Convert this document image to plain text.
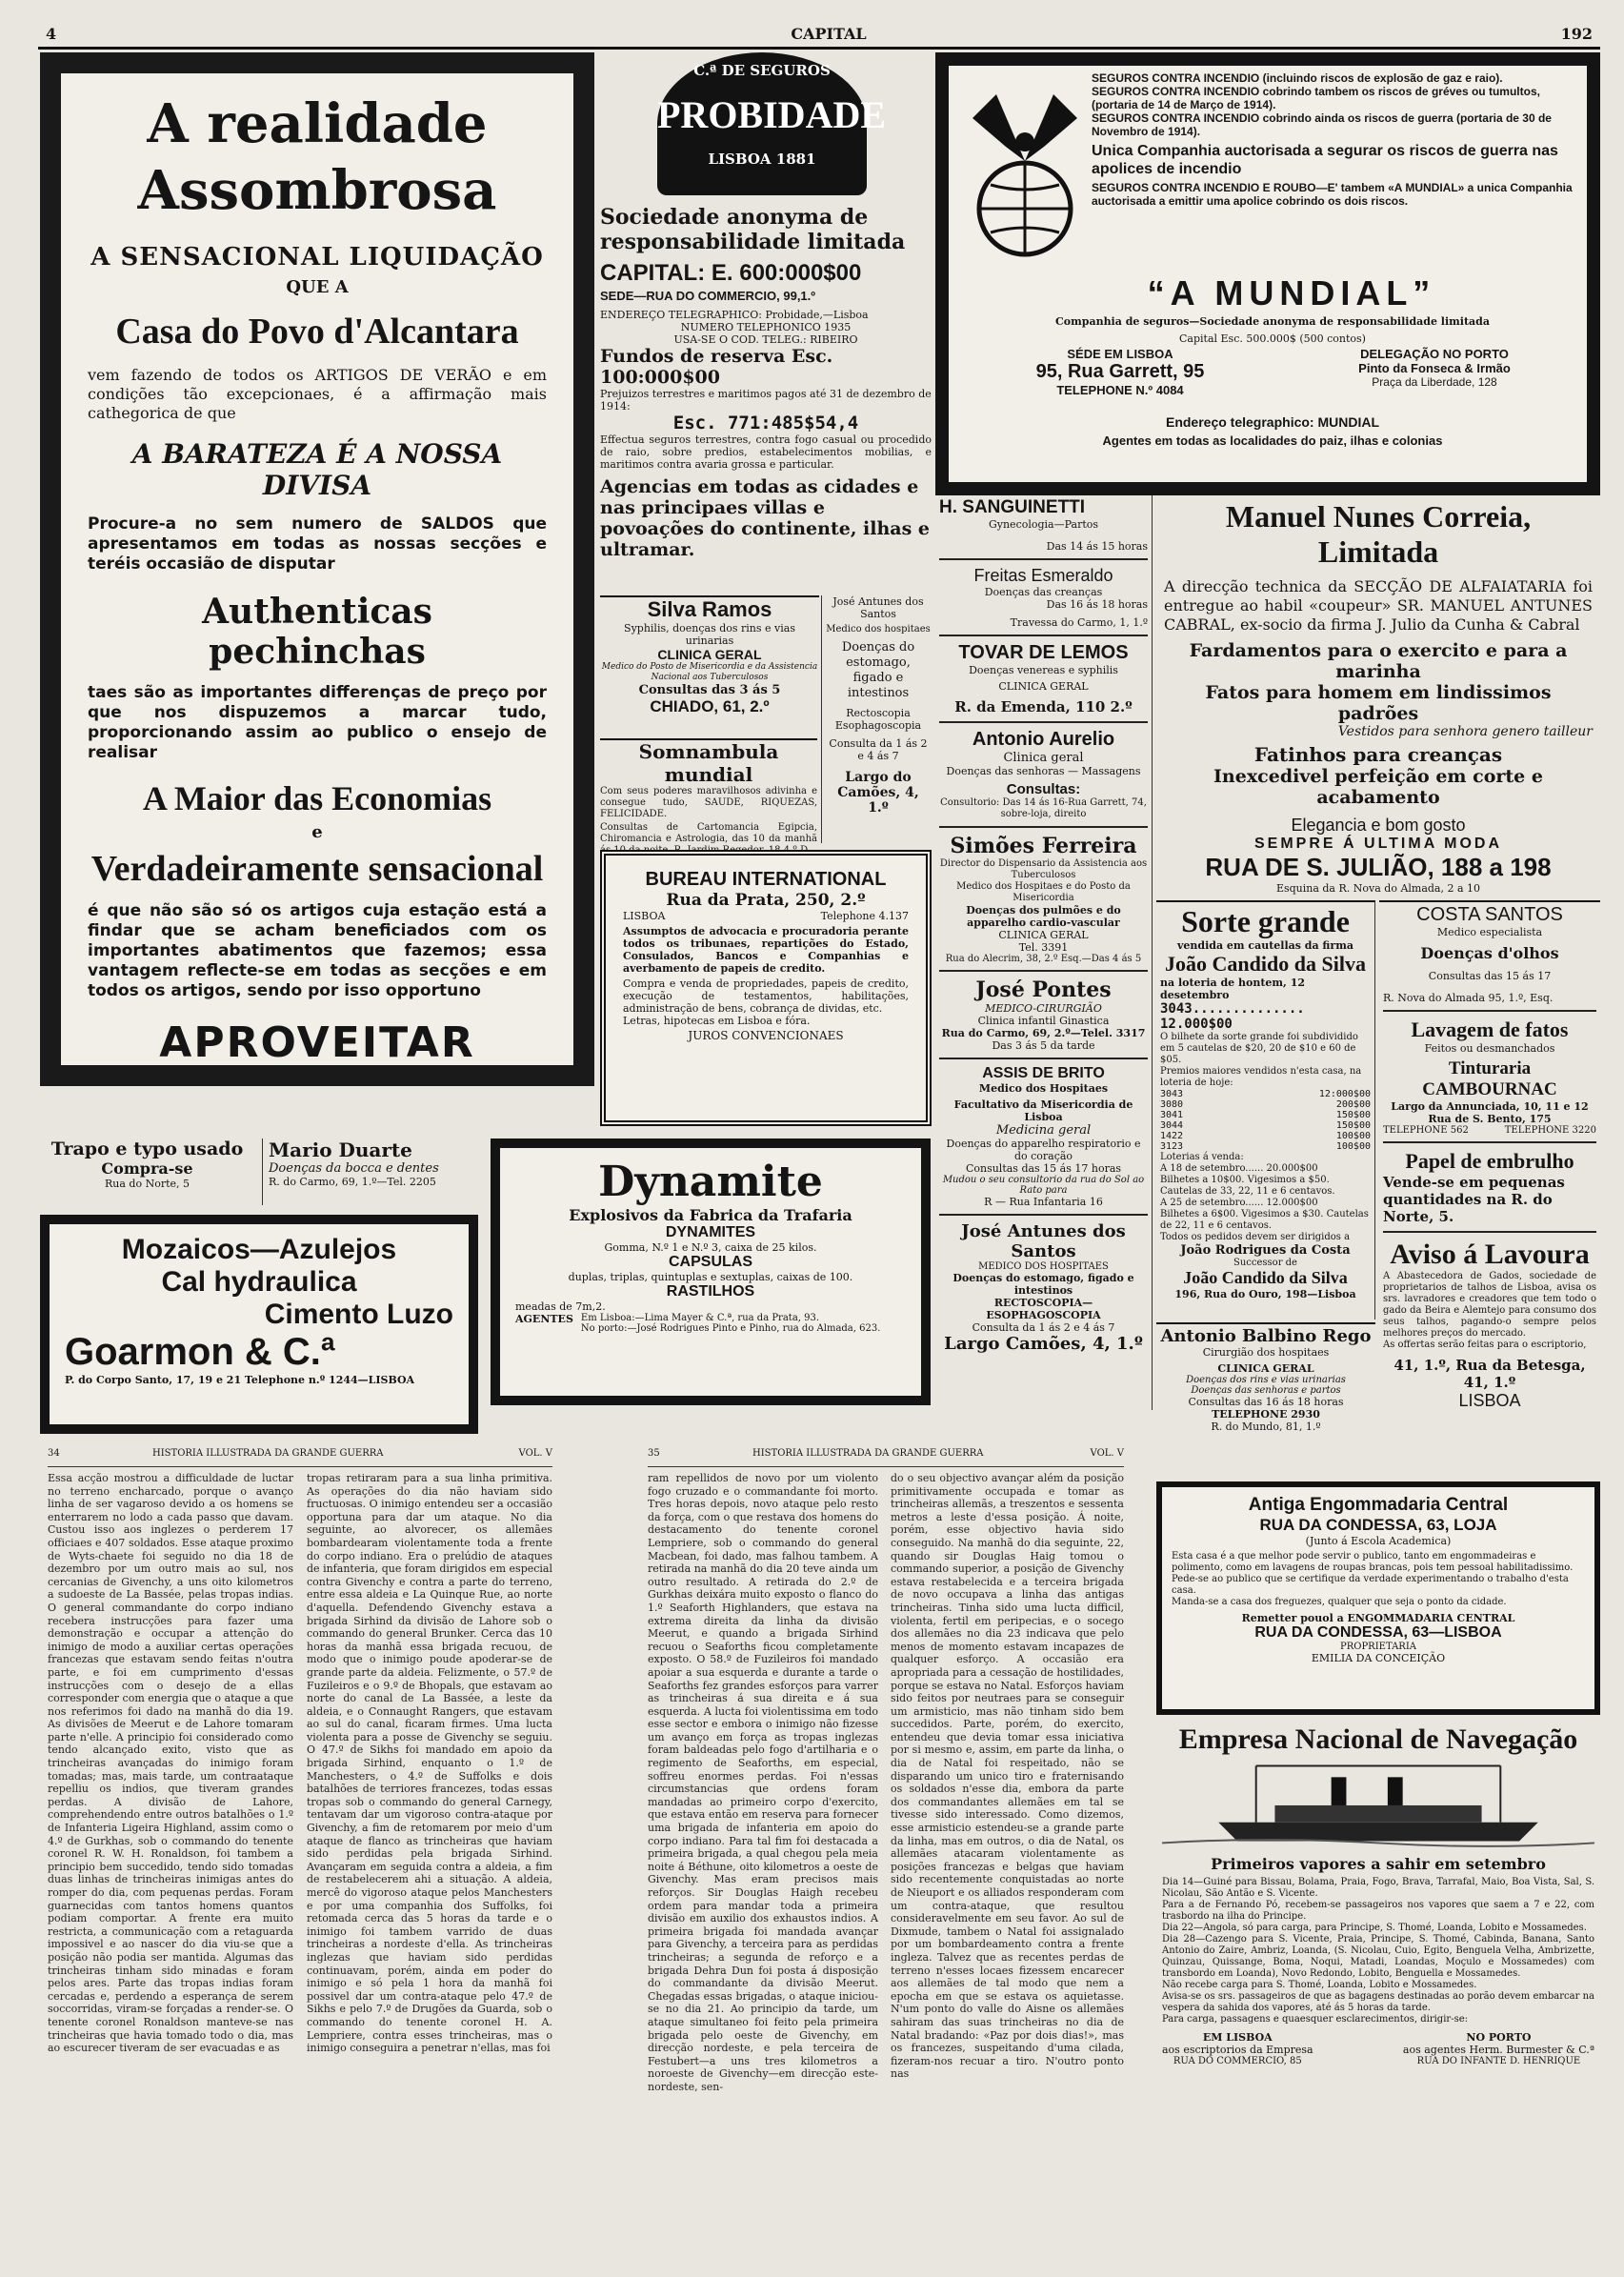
4	CAPITAL	192
A realidade
Assombrosa
A SENSACIONAL LIQUIDAÇÃO
QUE A
Casa do Povo d'Alcantara
vem fazendo de todos os ARTIGOS DE VERÃO e em condições tão excepcionaes, é a affirmação mais cathegorica de que
A BARATEZA É A NOSSA DIVISA
Procure-a no sem numero de SALDOS que apresentamos em todas as nossas secções e teréis occasião de disputar
Authenticas pechinchas
taes são as importantes differenças de preço por que nos dispuzemos a marcar tudo, proporcionando assim ao publico o ensejo de realisar
A Maior das Economias
e
Verdadeiramente sensacional
é que não são só os artigos cuja estação está a findar que se acham beneficiados com os importantes abatimentos que fazemos; essa vantagem reflecte-se em todas as secções e em todos os artigos, sendo por isso opportuno
APROVEITAR
C.ª DE SEGUROS
PROBIDADE
LISBOA 1881
Sociedade anonyma de responsabilidade limitada
CAPITAL: E. 600:000$00
SEDE—RUA DO COMMERCIO, 99,1.º
ENDEREÇO TELEGRAPHICO: Probidade,—Lisboa
NUMERO TELEPHONICO 1935
USA-SE O COD. TELEG.: RIBEIRO
Fundos de reserva Esc. 100:000$00
Prejuizos terrestres e maritimos pagos até 31 de dezembro de 1914:
Esc. 771:485$54,4
Effectua seguros terrestres, contra fogo casual ou procedido de raio, sobre predios, estabelecimentos mobilias, e maritimos contra avaria grossa e particular.
Agencias em todas as cidades e nas principaes villas e povoações do continente, ilhas e ultramar.
SEGUROS CONTRA INCENDIO (incluindo riscos de explosão de gaz e raio).
SEGUROS CONTRA INCENDIO cobrindo tambem os riscos de gréves ou tumultos, (portaria de 14 de Março de 1914).
SEGUROS CONTRA INCENDIO cobrindo ainda os riscos de guerra (portaria de 30 de Novembro de 1914).
Unica Companhia auctorisada a segurar os riscos de guerra nas apolices de incendio
SEGUROS CONTRA INCENDIO E ROUBO—E' tambem «A MUNDIAL» a unica Companhia auctorisada a emittir uma apolice cobrindo os dois riscos.
“A MUNDIAL”
Companhia de seguros—Sociedade anonyma de responsabilidade limitada
Capital Esc. 500.000$ (500 contos)
SÉDE EM LISBOA
95, Rua Garrett, 95
TELEPHONE N.º 4084
DELEGAÇÃO NO PORTO
Pinto da Fonseca & Irmão
Praça da Liberdade, 128
Endereço telegraphico: MUNDIAL
Agentes em todas as localidades do paiz, ilhas e colonias
Silva Ramos
Syphilis, doenças dos rins e vias urinarias
CLINICA GERAL
Medico do Posto de Misericordia e da Assistencia Nacional aos Tuberculosos
Consultas das 3 ás 5
CHIADO, 61, 2.º
José Antunes dos Santos
Medico dos hospitaes
Doenças do estomago, figado e intestinos
Rectoscopia Esophagoscopia
Consulta da 1 ás 2 e 4 ás 7
Largo do Camões, 4, 1.º
Somnambula mundial
Com seus poderes maravilhosos adivinha e consegue tudo, SAUDE, RIQUEZAS, FELICIDADE.
Consultas de Cartomancia Egipcia, Chiromancia e Astrologia, das 10 da manhã
BUREAU INTERNATIONAL
Rua da Prata, 250, 2.º
LISBOA	Telephone 4.137
Assumptos de advocacia e procuradoria perante todos os tribunaes, repartições do Estado, Consulados, Bancos e Companhias e averbamento de papeis de credito.
Compra e venda de propriedades, papeis de credito, execução de testamentos, habilitações, administração de bens, cobrança de dividas, etc.
Letras, hipotecas em Lisboa e fóra.
JUROS CONVENCIONAES
H. SANGUINETTI
Gynecologia—Partos
Das 14 ás 15 horas
Freitas Esmeraldo
Doenças das creanças
Das 16 ás 18 horas
Travessa do Carmo, 1, 1.º
TOVAR DE LEMOS
Doenças venereas e syphilis
CLINICA GERAL
R. da Emenda, 110 2.º
Antonio Aurelio
Clinica geral
Doenças das senhoras — Massagens
Consultas:
Consultorio: Das 14 ás 16-Rua Garrett, 74, sobre-loja, direito
Simões Ferreira
Director do Dispensario da Assistencia aos Tuberculosos
Medico dos Hospitaes e do Posto da Misericordia
Doenças dos pulmões e do apparelho cardio-vascular
CLINICA GERAL
Tel. 3391
Rua do Alecrim, 38, 2.º Esq.—Das 4 ás 5
José Pontes
MEDICO-CIRURGIÃO
Clinica infantil Ginastica
Rua do Carmo, 69, 2.º—Telel. 3317
Das 3 ás 5 da tarde
ASSIS DE BRITO
Medico dos Hospitaes
Facultativo da Misericordia de Lisboa
Medicina geral
Doenças do apparelho respiratorio e do coração
Consultas das 15 ás 17 horas
Mudou o seu consultorio da rua do Sol ao Rato para
R — Rua Infantaria 16
José Antunes dos Santos
MEDICO DOS HOSPITAES
Doenças do estomago, figado e intestinos
RECTOSCOPIA—ESOPHAGOSCOPIA
Consulta da 1 ás 2 e 4 ás 7
Largo Camões, 4, 1.º
Manuel Nunes Correia, Limitada
A direcção technica da SECÇÃO DE ALFAIATARIA foi entregue ao habil «coupeur» SR. MANUEL ANTUNES CABRAL, ex-socio da firma J. Julio da Cunha & Cabral
Fardamentos para o exercito e para a marinha
Fatos para homem em lindissimos padrões
Vestidos para senhora genero tailleur
Fatinhos para creanças
Inexcedivel perfeição em corte e acabamento
Elegancia e bom gosto
SEMPRE Á ULTIMA MODA
RUA DE S. JULIÃO, 188 a 198
Esquina da R. Nova do Almada, 2 a 10
Sorte grande
vendida em cautellas da firma
João Candido da Silva
na loteria de hontem, 12 desetembro
3043.............. 12.000$00
O bilhete da sorte grande foi subdividido em 5 cautelas de $20, 20 de $10 e 60 de $05.
Premios maiores vendidos n'esta casa, na loteria de hoje:
3043	12:000$00
3080	200$00
3041	150$00
3044	150$00
1422	100$00
3123	100$00
Loterias á venda:
A 18 de setembro...... 20.000$00
Bilhetes a 10$00. Vigesimos a $50. Cautelas de 33, 22, 11 e 6 centavos.
A 25 de setembro...... 12.000$00
Bilhetes a 6$00. Vigesimos a $30. Cautelas de 22, 11 e 6 centavos.
Todos os pedidos devem ser dirigidos a
João Rodrigues da Costa
Successor de
João Candido da Silva
196, Rua do Ouro, 198—Lisboa
COSTA SANTOS
Medico especialista
Doenças d'olhos
Consultas das 15 ás 17
R. Nova do Almada 95, 1.º, Esq.
Lavagem de fatos
Feitos ou desmanchados
Tinturaria CAMBOURNAC
Largo da Annunciada, 10, 11 e 12
Rua de S. Bento, 175
TELEPHONE 562	TELEPHONE 3220
Papel de embrulho
Vende-se em pequenas quantidades na R. do Norte, 5.
Aviso á Lavoura
A Abastecedora de Gados, sociedade de proprietarios de talhos de Lisboa, avisa os srs. lavradores e creadores que tem todo o gado da Beira e Alemtejo para consumo dos seus talhos, pagando-o sempre pelos melhores preços do mercado.
As offertas serão feitas para o escriptorio,
41, 1.º, Rua da Betesga, 41, 1.º
LISBOA
Antonio Balbino Rego
Cirurgião dos hospitaes
CLINICA GERAL
Doenças dos rins e vias urinarias
Doenças das senhoras e partos
Consultas das 16 ás 18 horas
TELEPHONE 2930
R. do Mundo, 81, 1.º
Trapo e typo usado
Compra-se
Rua do Norte, 5
Mario Duarte
Doenças da bocca e dentes
R. do Carmo, 69, 1.º—Tel. 2205
Mozaicos—Azulejos
Cal hydraulica
Cimento Luzo
Goarmon & C.ª
P. do Corpo Santo, 17, 19 e 21 Telephone n.º 1244—LISBOA
Dynamite
Explosivos da Fabrica da Trafaria
DYNAMITES
Gomma, N.º 1 e N.º 3, caixa de 25 kilos.
CAPSULAS
duplas, triplas, quintuplas e sextuplas, caixas de 100.
RASTILHOS
meadas de 7m,2.
AGENTES Em Lisboa:—Lima Mayer & C.ª, rua da Prata, 93.
No porto:—José Rodrigues Pinto e Pinho, rua do Almada, 623.
Antiga Engommadaria Central
RUA DA CONDESSA, 63, LOJA
(Junto á Escola Academica)
Esta casa é a que melhor pode servir o publico, tanto em engommadeiras e polimento, como em lavagens de roupas brancas, pois tem pessoal habilitadissimo.
Pede-se ao publico que se certifique da verdade experimentando o trabalho d'esta casa.
Manda-se a casa dos freguezes, qualquer que seja o ponto da cidade.
Remetter pouol a ENGOMMADARIA CENTRAL
RUA DA CONDESSA, 63—LISBOA
PROPRIETARIA
EMILIA DA CONCEIÇÃO
Empresa Nacional de Navegação
Primeiros vapores a sahir em setembro
Dia 14—Guiné para Bissau, Bolama, Praia, Fogo, Brava, Tarrafal, Maio, Boa Vista, Sal, S. Nicolau, São Antão e S. Vicente.
Para a de Fernando Pó, recebem-se passageiros nos vapores que saem a 7 e 22, com trasbordo na ilha do Principe.
Dia 22—Angola, só para carga, para Principe, S. Thomé, Loanda, Lobito e Mossamedes.
Dia 28—Cazengo para S. Vicente, Praia, Principe, S. Thomé, Cabinda, Banana, Santo Antonio do Zaire, Ambriz, Loanda, (S. Nicolau, Cuio, Egito, Benguela Velha, Ambrizette, Quinzau, Quissange, Boma, Noqui, Matadi, Loandas, Moçulo e Mossamedes) com transbordo em Loanda), Novo Redondo, Lobito, Benguella e Mossamedes.
Não recebe carga para S. Thomé, Loanda, Lobito e Mossamedes.
Avisa-se os srs. passageiros de que as bagagens destinadas ao porão devem embarcar na vespera da sahida dos vapores, até ás 5 horas da tarde.
Para carga, passagens e quaesquer esclarecimentos, dirigir-se:
EM LISBOA
aos escriptorios da Empresa
RUA DO COMMERCIO, 85
NO PORTO
aos agentes Herm. Burmester & C.ª
RUA DO INFANTE D. HENRIQUE
34	HISTORIA ILLUSTRADA DA GRANDE GUERRA	VOL. V
Essa acção mostrou a difficuldade de luctar no terreno encharcado, porque o avanço linha de ser vagaroso devido a os homens se enterrarem no lodo a cada passo que davam. Custou isso aos inglezes o perderem 17 officiaes e 407 soldados. Esse ataque proximo de Wyts-chaete foi seguido no dia 18 de dezembro por um outro mais ao sul, nos cercanias de Givenchy, a uns oito kilometros a sudoeste de La Bassée, pelas tropas indias. O general commandante do corpo indiano recebera instrucções para fazer uma demonstração e occupar a attenção do inimigo de modo a auxiliar certas operações francezas que estavam sendo feitas n'outra parte, e foi em cumprimento d'essas instrucções com o desejo de a ellas corresponder com energia que o ataque a que nos referimos foi dado na manhã do dia 19. As divisões de Meerut e de Lahore tomaram parte n'elle. A principio foi considerado como tendo alcançado exito, visto que as trincheiras avançadas do inimigo foram tomadas; mas, mais tarde, um contraataque repelliu os indios, que tiveram grandes perdas. A divisão de Lahore, comprehendendo entre outros batalhões o 1.º de Infanteria Ligeira Highland, assim como o 4.º de Gurkhas, sob o commando do tenente coronel R. W. H. Ronaldson, foi tambem a principio bem succedido, tendo sido tomadas duas linhas de trincheiras inimigas antes do romper do dia, com pequenas perdas. Foram guarnecidas com tantos homens quantos podiam comportar. A frente era muito restricta, a communicação com a retaguarda impossivel e ao nascer do dia viu-se que a posição não podia ser mantida. Algumas das trincheiras tinham sido minadas e foram pelos ares. Parte das tropas indias foram cercadas e, perdendo a esperança de serem soccorridas, viram-se forçadas a render-se. O tenente coronel Ronaldson manteve-se nas trincheiras que havia tomado todo o dia, mas ao escurecer tiveram de ser evacuadas e as
tropas retiraram para a sua linha primitiva. As operações do dia não haviam sido fructuosas. O inimigo entendeu ser a occasião opportuna para dar um ataque. No dia seguinte, ao alvorecer, os allemães bombardearam violentamente toda a frente do corpo indiano. Era o prelúdio de ataques de infanteria, que foram dirigidos em especial contra Givenchy e contra a parte do terreno, entre essa aldeia e La Quinque Rue, ao norte d'aquella. Defendendo Givenchy estava a brigada Sirhind da divisão de Lahore sob o commando do general Brunker. Cerca das 10 horas da manhã essa brigada recuou, de modo que o inimigo poude apoderar-se de grande parte da aldeia. Felizmente, o 57.º de Fuzileiros e o 9.º de Bhopals, que estavam ao norte do canal de La Bassée, a leste da aldeia, e o Connaught Rangers, que estavam ao sul do canal, ficaram firmes. Uma lucta violenta para a posse de Givenchy se seguiu. O 47.º de Sikhs foi mandado em apoio da brigada Sirhind, enquanto o 1.º de Manchesters, o 4.º de Suffolks e dois batalhões de terriores francezes, todas essas tropas sob o commando do general Carnegy, tentavam dar um vigoroso contra-ataque por Givenchy, a fim de retomarem por meio d'um ataque de flanco as trincheiras que haviam sido perdidas pela brigada Sirhind. Avançaram em seguida contra a aldeia, a fim de restabelecerem ahi a situação. A aldeia, mercê do vigoroso ataque pelos Manchesters e por uma companhia dos Suffolks, foi retomada cerca das 5 horas da tarde e o inimigo foi tambem varrido de duas trincheiras a nordeste d'ella. As trincheiras inglezas que haviam sido perdidas continuavam, porém, ainda em poder do inimigo e só pela 1 hora da manhã foi possivel dar um contra-ataque pelo 47.º de Sikhs e pelo 7.º de Drugões da Guarda, sob o commando do tenente coronel H. A. Lempriere, contra esses trincheiras, mas o inimigo conseguira a penetrar n'ellas, mas foi
35	HISTORIA ILLUSTRADA DA GRANDE GUERRA	VOL. V
ram repellidos de novo por um violento fogo cruzado e o commandante foi morto. Tres horas depois, novo ataque pelo resto da força, com o que restava dos homens do destacamento do tenente coronel Lempriere, sob o commando do general Macbean, foi dado, mas falhou tambem. A retirada na manhã do dia 20 teve ainda um outro resultado. A retirada do 2.º de Gurkhas deixára muito exposto o flanco do 1.º Seaforth Highlanders, que estava na extrema direita da linha da divisão Meerut, e quando a brigada Sirhind recuou o Seaforths ficou completamente exposto. O 58.º de Fuzileiros foi mandado apoiar a sua esquerda e durante a tarde o Seaforths fez grandes esforços para varrer as trincheiras á sua direita e á sua esquerda. A lucta foi violentissima em todo esse sector e embora o inimigo não fizesse um avanço em força as tropas inglezas foram baldeadas pelo fogo d'artilharia e o regimento de Seaforths, em especial, soffreu enormes perdas. Foi n'essas circumstancias que ordens foram mandadas ao primeiro corpo d'exercito, que estava então em reserva para fornecer uma brigada de infanteria em apoio do corpo indiano. Para tal fim foi destacada a primeira brigada, a qual chegou pela meia noite á Béthune, oito kilometros a oeste de Givenchy. Mas eram precisos mais reforços. Sir Douglas Haigh recebeu ordem para mandar toda a primeira divisão em auxilio dos exhaustos indios. A primeira brigada foi mandada avançar para Givenchy, a terceira para as perdidas trincheiras; a segunda de reforço e a brigada Dehra Dun foi posta á disposição do commandante da divisão Meerut. Chegadas essas brigadas, o ataque iniciou-se no dia 21. Ao principio da tarde, um ataque simultaneo foi feito pela primeira brigada pelo oeste de Givenchy, em direcção nordeste, e pela terceira de Festubert—a uns tres kilometros a noroeste de Givenchy—em direcção este-nordeste, sen-
do o seu objectivo avançar além da posição primitivamente occupada e tomar as trincheiras allemãs, a treszentos e sessenta metros a leste d'essa posição. Á noite, porém, esse objectivo havia sido conseguido. Na manhã do dia seguinte, 22, quando sir Douglas Haig tomou o commando superior, a posição de Givenchy estava restabelecida e a terceira brigada de novo occupava a linha das antigas trincheiras. Tinha sido uma lucta difficil, violenta, fertil em peripecias, e o socego dos allemães no dia 23 indicava que pelo menos de momento estavam incapazes de qualquer esforço. A occasião era apropriada para a cessação de hostilidades, porque se estava no Natal. Esforços haviam sido feitos por neutraes para se conseguir um armisticio, mas não tinham sido bem succedidos. Parte, porém, do exercito, entendeu que devia tomar essa iniciativa por si mesmo e, assim, em parte da linha, o dia de Natal foi respeitado, não se disparando um unico tiro e fraternisando os soldados n'esse dia, embora da parte dos commandantes allemães em tal se tivesse sido interessado. Como dizemos, esse armisticio estendeu-se a grande parte da linha, mas em outros, o dia de Natal, os allemães atacaram violentamente as posições francezas e belgas que haviam sido recentemente conquistadas ao norte de Nieuport e os alliados responderam com um contra-ataque, que resultou consideravelmente em seu favor. Ao sul de Dixmude, tambem o Natal foi assignalado por um bombardeamento contra a frente ingleza. Talvez que as recentes perdas de terreno n'esses locaes fizessem encarecer aos allemães de tal modo que nem a epocha em que se estava os aquietasse. N'um ponto do valle do Aisne os allemães sahiram das suas trincheiras no dia de Natal bradando: «Paz por dois dias!», mas os francezes, suspeitando d'uma cilada, fizeram-nos recuar a tiro. N'outro ponto nas
